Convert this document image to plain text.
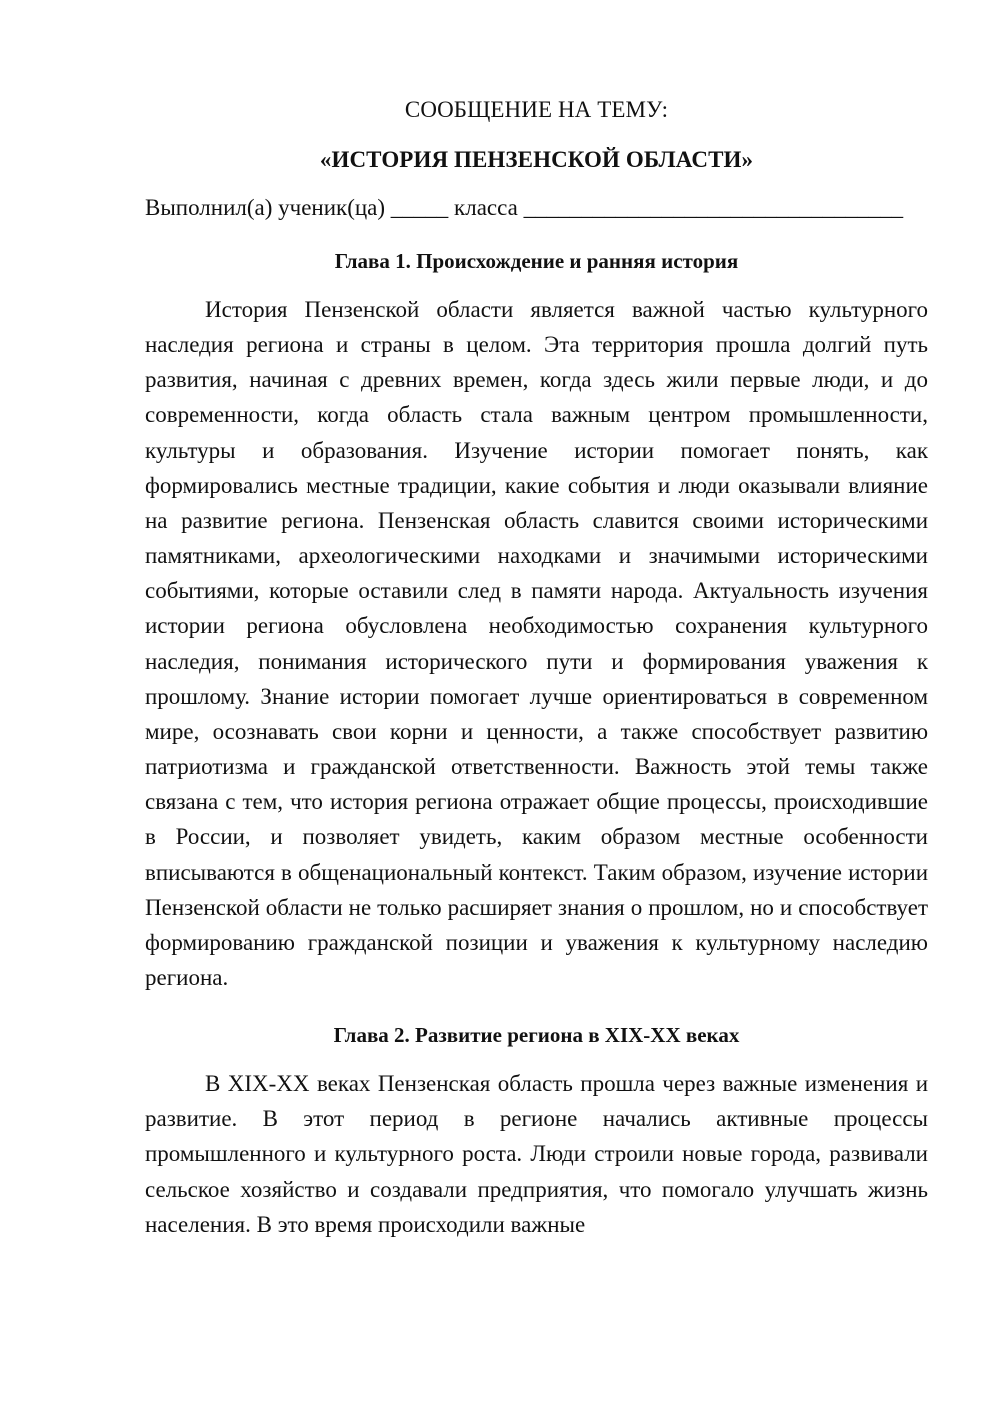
СООБЩЕНИЕ НА ТЕМУ:
«ИСТОРИЯ ПЕНЗЕНСКОЙ ОБЛАСТИ»
Выполнил(а) ученик(ца) _____ класса _________________________________
Глава 1. Происхождение и ранняя история

История Пензенской области является важной частью культурного наследия региона и страны в целом. Эта территория прошла долгий путь развития, начиная с древних времен, когда здесь жили первые люди, и до современности, когда область стала важным центром промышленности, культуры и образования. Изучение истории помогает понять, как формировались местные традиции, какие события и люди оказывали влияние на развитие региона. Пензенская область славится своими историческими памятниками, археологическими находками и значимыми историческими событиями, которые оставили след в памяти народа. Актуальность изучения истории региона обусловлена необходимостью сохранения культурного наследия, понимания исторического пути и формирования уважения к прошлому. Знание истории помогает лучше ориентироваться в современном мире, осознавать свои корни и ценности, а также способствует развитию патриотизма и гражданской ответственности. Важность этой темы также связана с тем, что история региона отражает общие процессы, происходившие в России, и позволяет увидеть, каким образом местные особенности вписываются в общенациональный контекст. Таким образом, изучение истории Пензенской области не только расширяет знания о прошлом, но и способствует формированию гражданской позиции и уважения к культурному наследию региона.

Глава 2. Развитие региона в XIX-XX веках

В XIX-XX веках Пензенская область прошла через важные изменения и развитие. В этот период в регионе начались активные процессы промышленного и культурного роста. Люди строили новые города, развивали сельское хозяйство и создавали предприятия, что помогало улучшать жизнь населения. В это время происходили важные
